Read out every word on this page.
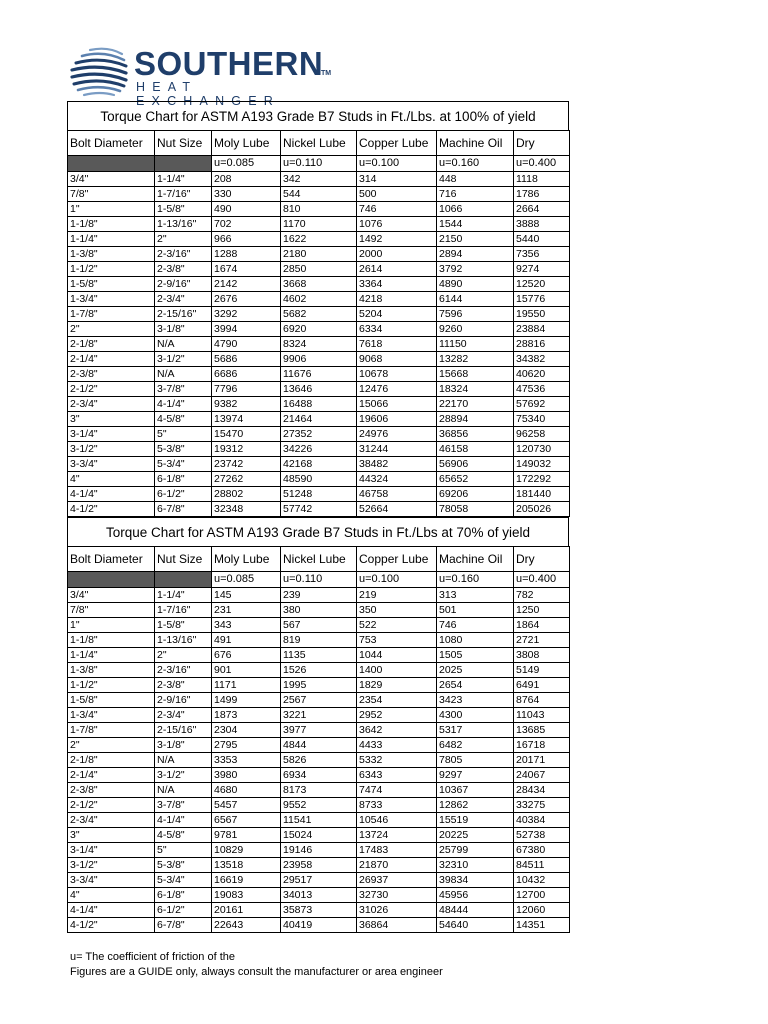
SOUTHERN
TM
HEAT EXCHANGER
Torque Chart for ASTM A193 Grade B7 Studs in Ft./Lbs. at 100% of yield
Bolt Diameter	Nut Size	Moly Lube	Nickel Lube	Copper Lube	Machine Oil	Dry
		u=0.085	u=0.110	u=0.100	u=0.160	u=0.400
3/4"	1-1/4"	208	342	314	448	1118
7/8"	1-7/16"	330	544	500	716	1786
1"	1-5/8"	490	810	746	1066	2664
1-1/8"	1-13/16"	702	1170	1076	1544	3888
1-1/4"	2"	966	1622	1492	2150	5440
1-3/8"	2-3/16"	1288	2180	2000	2894	7356
1-1/2"	2-3/8"	1674	2850	2614	3792	9274
1-5/8"	2-9/16"	2142	3668	3364	4890	12520
1-3/4"	2-3/4"	2676	4602	4218	6144	15776
1-7/8"	2-15/16"	3292	5682	5204	7596	19550
2"	3-1/8"	3994	6920	6334	9260	23884
2-1/8"	N/A	4790	8324	7618	11150	28816
2-1/4"	3-1/2"	5686	9906	9068	13282	34382
2-3/8"	N/A	6686	11676	10678	15668	40620
2-1/2"	3-7/8"	7796	13646	12476	18324	47536
2-3/4"	4-1/4"	9382	16488	15066	22170	57692
3"	4-5/8"	13974	21464	19606	28894	75340
3-1/4"	5"	15470	27352	24976	36856	96258
3-1/2"	5-3/8"	19312	34226	31244	46158	120730
3-3/4"	5-3/4"	23742	42168	38482	56906	149032
4"	6-1/8"	27262	48590	44324	65652	172292
4-1/4"	6-1/2"	28802	51248	46758	69206	181440
4-1/2"	6-7/8"	32348	57742	52664	78058	205026
Torque Chart for ASTM A193 Grade B7 Studs in Ft./Lbs at 70% of yield
Bolt Diameter	Nut Size	Moly Lube	Nickel Lube	Copper Lube	Machine Oil	Dry
		u=0.085	u=0.110	u=0.100	u=0.160	u=0.400
3/4"	1-1/4"	145	239	219	313	782
7/8"	1-7/16"	231	380	350	501	1250
1"	1-5/8"	343	567	522	746	1864
1-1/8"	1-13/16"	491	819	753	1080	2721
1-1/4"	2"	676	1135	1044	1505	3808
1-3/8"	2-3/16"	901	1526	1400	2025	5149
1-1/2"	2-3/8"	1171	1995	1829	2654	6491
1-5/8"	2-9/16"	1499	2567	2354	3423	8764
1-3/4"	2-3/4"	1873	3221	2952	4300	11043
1-7/8"	2-15/16"	2304	3977	3642	5317	13685
2"	3-1/8"	2795	4844	4433	6482	16718
2-1/8"	N/A	3353	5826	5332	7805	20171
2-1/4"	3-1/2"	3980	6934	6343	9297	24067
2-3/8"	N/A	4680	8173	7474	10367	28434
2-1/2"	3-7/8"	5457	9552	8733	12862	33275
2-3/4"	4-1/4"	6567	11541	10546	15519	40384
3"	4-5/8"	9781	15024	13724	20225	52738
3-1/4"	5"	10829	19146	17483	25799	67380
3-1/2"	5-3/8"	13518	23958	21870	32310	84511
3-3/4"	5-3/4"	16619	29517	26937	39834	10432
4"	6-1/8"	19083	34013	32730	45956	12700
4-1/4"	6-1/2"	20161	35873	31026	48444	12060
4-1/2"	6-7/8"	22643	40419	36864	54640	14351
u= The coefficient of friction of the
Figures are a GUIDE only, always consult the manufacturer or area engineer
